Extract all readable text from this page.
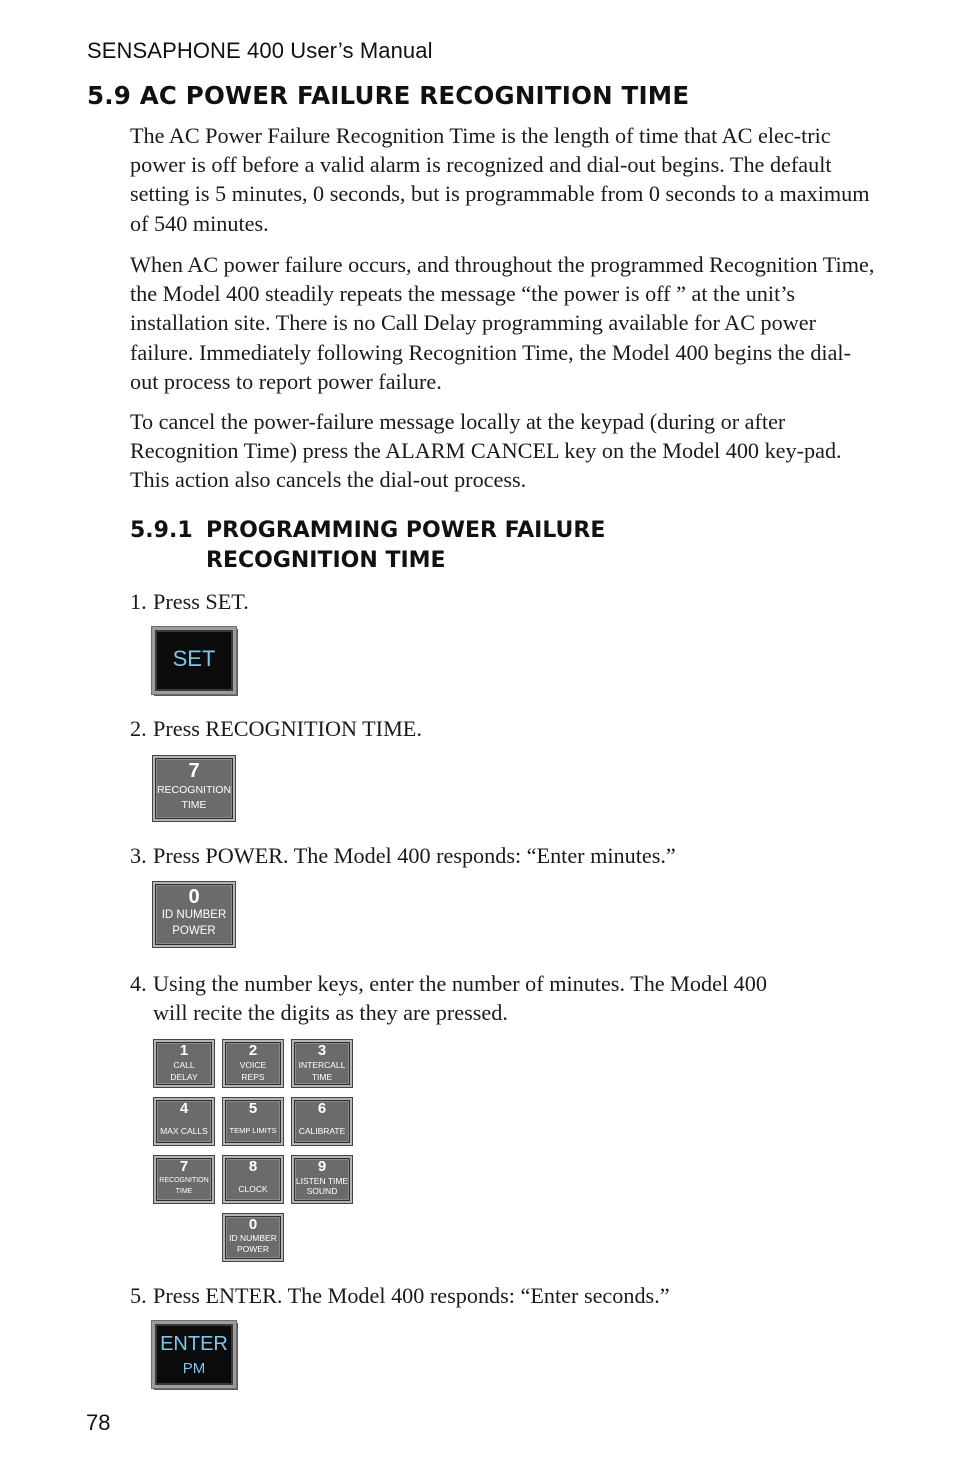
SENSAPHONE 400 User’s Manual
5.9 AC POWER FAILURE RECOGNITION TIME

The AC Power Failure Recognition Time is the length of time that AC elec-tric power is off before a valid alarm is recognized and dial-out begins. The default setting is 5 minutes, 0 seconds, but is programmable from 0 seconds to a maximum of 540 minutes.

When AC power failure occurs, and throughout the programmed Recognition Time, the Model 400 steadily repeats the message “the power is off ” at the unit’s installation site. There is no Call Delay programming available for AC power failure. Immediately following Recognition Time, the Model 400 begins the dial-out process to report power failure.

To cancel the power-failure message locally at the keypad (during or after Recognition Time) press the ALARM CANCEL key on the Model 400 key-pad. This action also cancels the dial-out process.

5.9.1 PROGRAMMING POWER FAILURE
RECOGNITION TIME
1. Press SET.
SET
2. Press RECOGNITION TIME.
7
RECOGNITION
TIME
3. Press POWER. The Model 400 responds: “Enter minutes.”
0
ID NUMBER
POWER
4. Using the number keys, enter the number of minutes. The Model 400
will recite the digits as they are pressed.
1
CALL
DELAY
2
VOICE
REPS
3
INTERCALL
TIME
4
MAX CALLS
5
TEMP LIMITS
6
CALIBRATE
7
RECOGNITION
TIME
8
CLOCK
9
LISTEN TIME
SOUND
0
ID NUMBER
POWER
5. Press ENTER. The Model 400 responds: “Enter seconds.”
ENTER
PM
78
